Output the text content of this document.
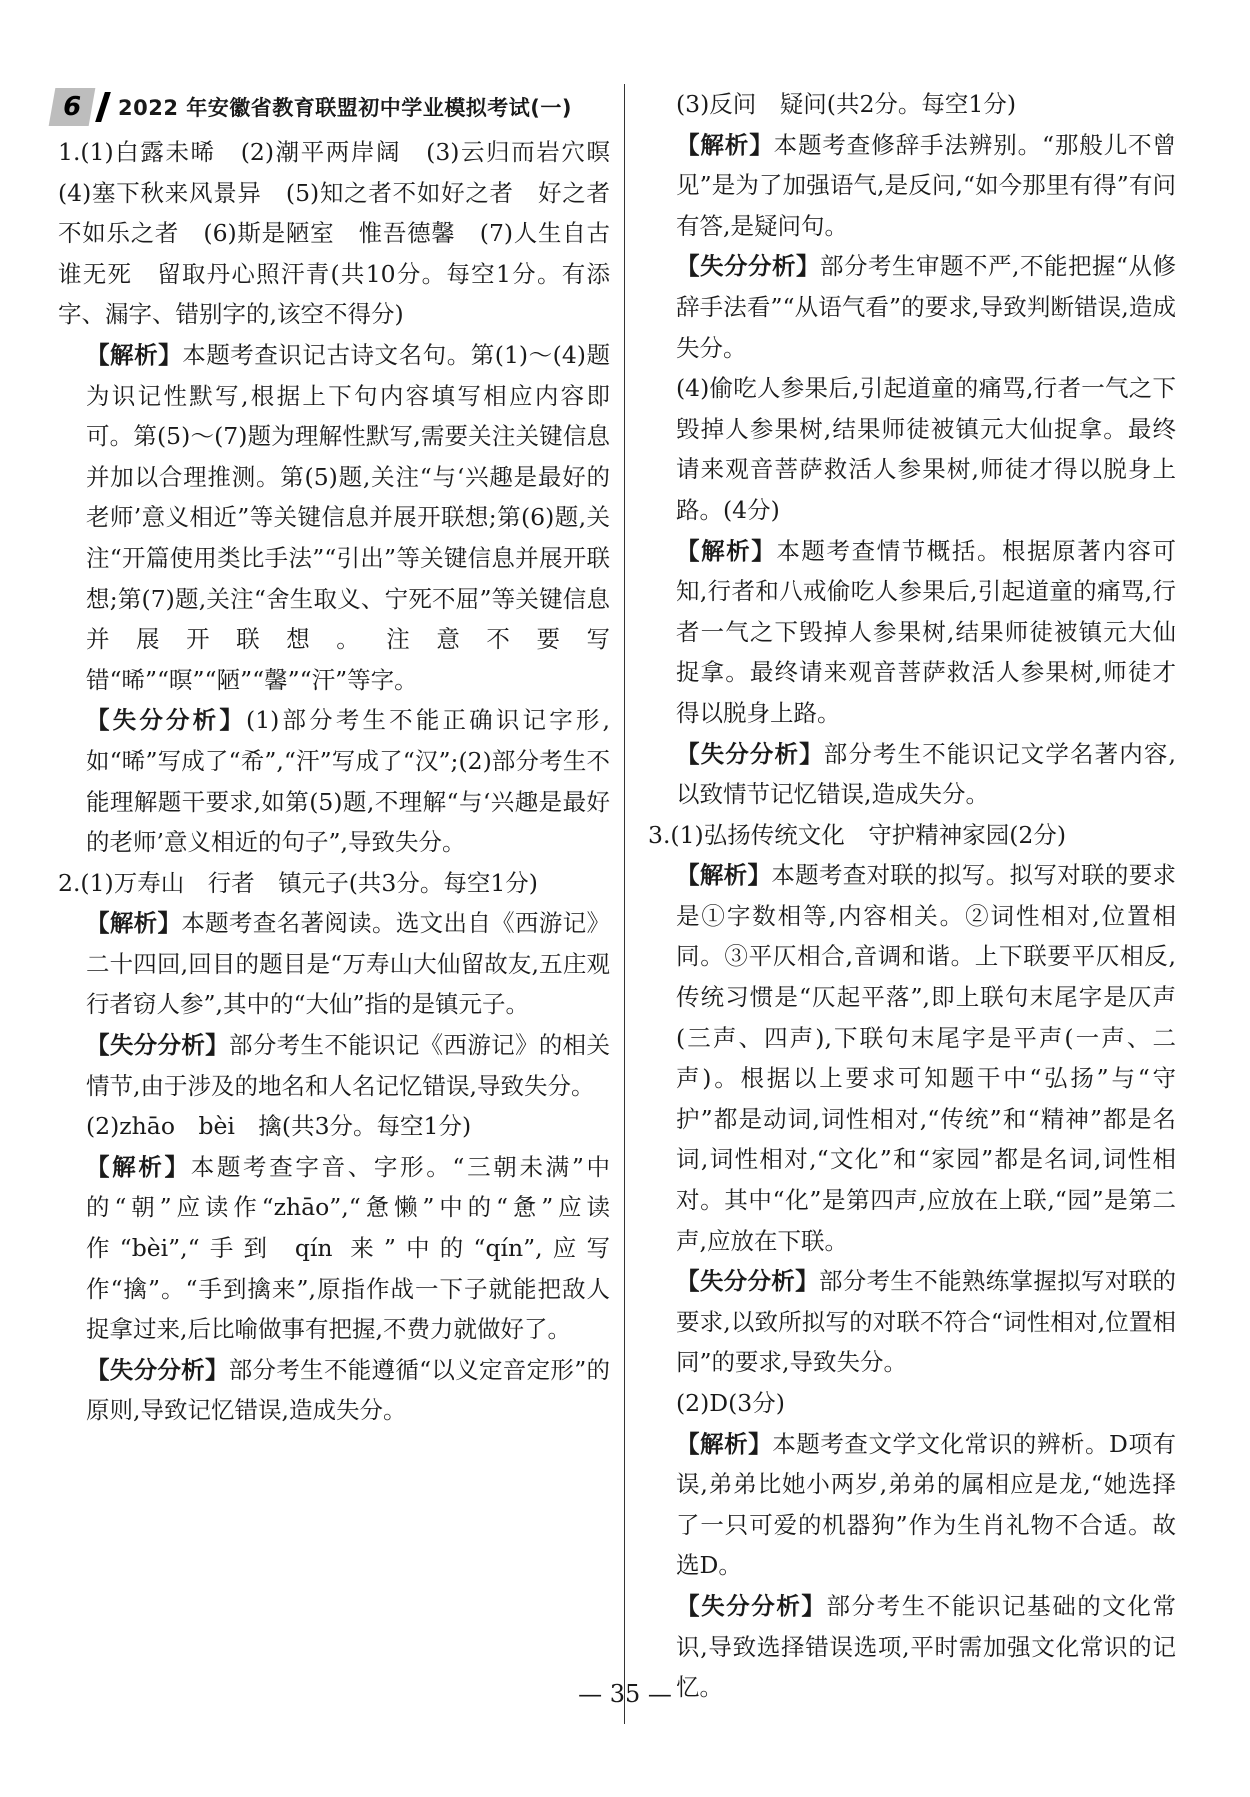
6	2022 年安徽省教育联盟初中学业模拟考试(一)

1.(1)白露未晞　(2)潮平两岸阔　(3)云归而岩穴暝　(4)塞下秋来风景异　(5)知之者不如好之者　好之者不如乐之者　(6)斯是陋室　惟吾德馨　(7)人生自古谁无死　留取丹心照汗青(共10分。每空1分。有添字、漏字、错别字的,该空不得分)

【解析】本题考查识记古诗文名句。第(1)～(4)题为识记性默写,根据上下句内容填写相应内容即可。第(5)～(7)题为理解性默写,需要关注关键信息并加以合理推测。第(5)题,关注“与‘兴趣是最好的老师’意义相近”等关键信息并展开联想;第(6)题,关注“开篇使用类比手法”“引出”等关键信息并展开联想;第(7)题,关注“舍生取义、宁死不屈”等关键信息并展开联想。注意不要写错“晞”“暝”“陋”“馨”“汗”等字。

【失分分析】(1)部分考生不能正确识记字形,如“晞”写成了“希”,“汗”写成了“汉”;(2)部分考生不能理解题干要求,如第(5)题,不理解“与‘兴趣是最好的老师’意义相近的句子”,导致失分。

2.(1)万寿山　行者　镇元子(共3分。每空1分)

【解析】本题考查名著阅读。选文出自《西游记》二十四回,回目的题目是“万寿山大仙留故友,五庄观行者窃人参”,其中的“大仙”指的是镇元子。

【失分分析】部分考生不能识记《西游记》的相关情节,由于涉及的地名和人名记忆错误,导致失分。

(2)zhāo　bèi　擒(共3分。每空1分)

【解析】本题考查字音、字形。“三朝未满”中的“朝”应读作“zhāo”,“惫懒”中的“惫”应读作“bèi”,“手到 qín 来”中的“qín”,应写作“擒”。“手到擒来”,原指作战一下子就能把敌人捉拿过来,后比喻做事有把握,不费力就做好了。

【失分分析】部分考生不能遵循“以义定音定形”的原则,导致记忆错误,造成失分。

(3)反问　疑问(共2分。每空1分)

【解析】本题考查修辞手法辨别。“那般儿不曾见”是为了加强语气,是反问,“如今那里有得”有问有答,是疑问句。

【失分分析】部分考生审题不严,不能把握“从修辞手法看”“从语气看”的要求,导致判断错误,造成失分。

(4)偷吃人参果后,引起道童的痛骂,行者一气之下毁掉人参果树,结果师徒被镇元大仙捉拿。最终请来观音菩萨救活人参果树,师徒才得以脱身上路。(4分)

【解析】本题考查情节概括。根据原著内容可知,行者和八戒偷吃人参果后,引起道童的痛骂,行者一气之下毁掉人参果树,结果师徒被镇元大仙捉拿。最终请来观音菩萨救活人参果树,师徒才得以脱身上路。

【失分分析】部分考生不能识记文学名著内容,以致情节记忆错误,造成失分。

3.(1)弘扬传统文化　守护精神家园(2分)

【解析】本题考查对联的拟写。拟写对联的要求是①字数相等,内容相关。②词性相对,位置相同。③平仄相合,音调和谐。上下联要平仄相反,传统习惯是“仄起平落”,即上联句末尾字是仄声(三声、四声),下联句末尾字是平声(一声、二声)。根据以上要求可知题干中“弘扬”与“守护”都是动词,词性相对,“传统”和“精神”都是名词,词性相对,“文化”和“家园”都是名词,词性相对。其中“化”是第四声,应放在上联,“园”是第二声,应放在下联。

【失分分析】部分考生不能熟练掌握拟写对联的要求,以致所拟写的对联不符合“词性相对,位置相同”的要求,导致失分。

(2)D(3分)

【解析】本题考查文学文化常识的辨析。D项有误,弟弟比她小两岁,弟弟的属相应是龙,“她选择了一只可爱的机器狗”作为生肖礼物不合适。故选D。

【失分分析】部分考生不能识记基础的文化常识,导致选择错误选项,平时需加强文化常识的记忆。

— 35 —
